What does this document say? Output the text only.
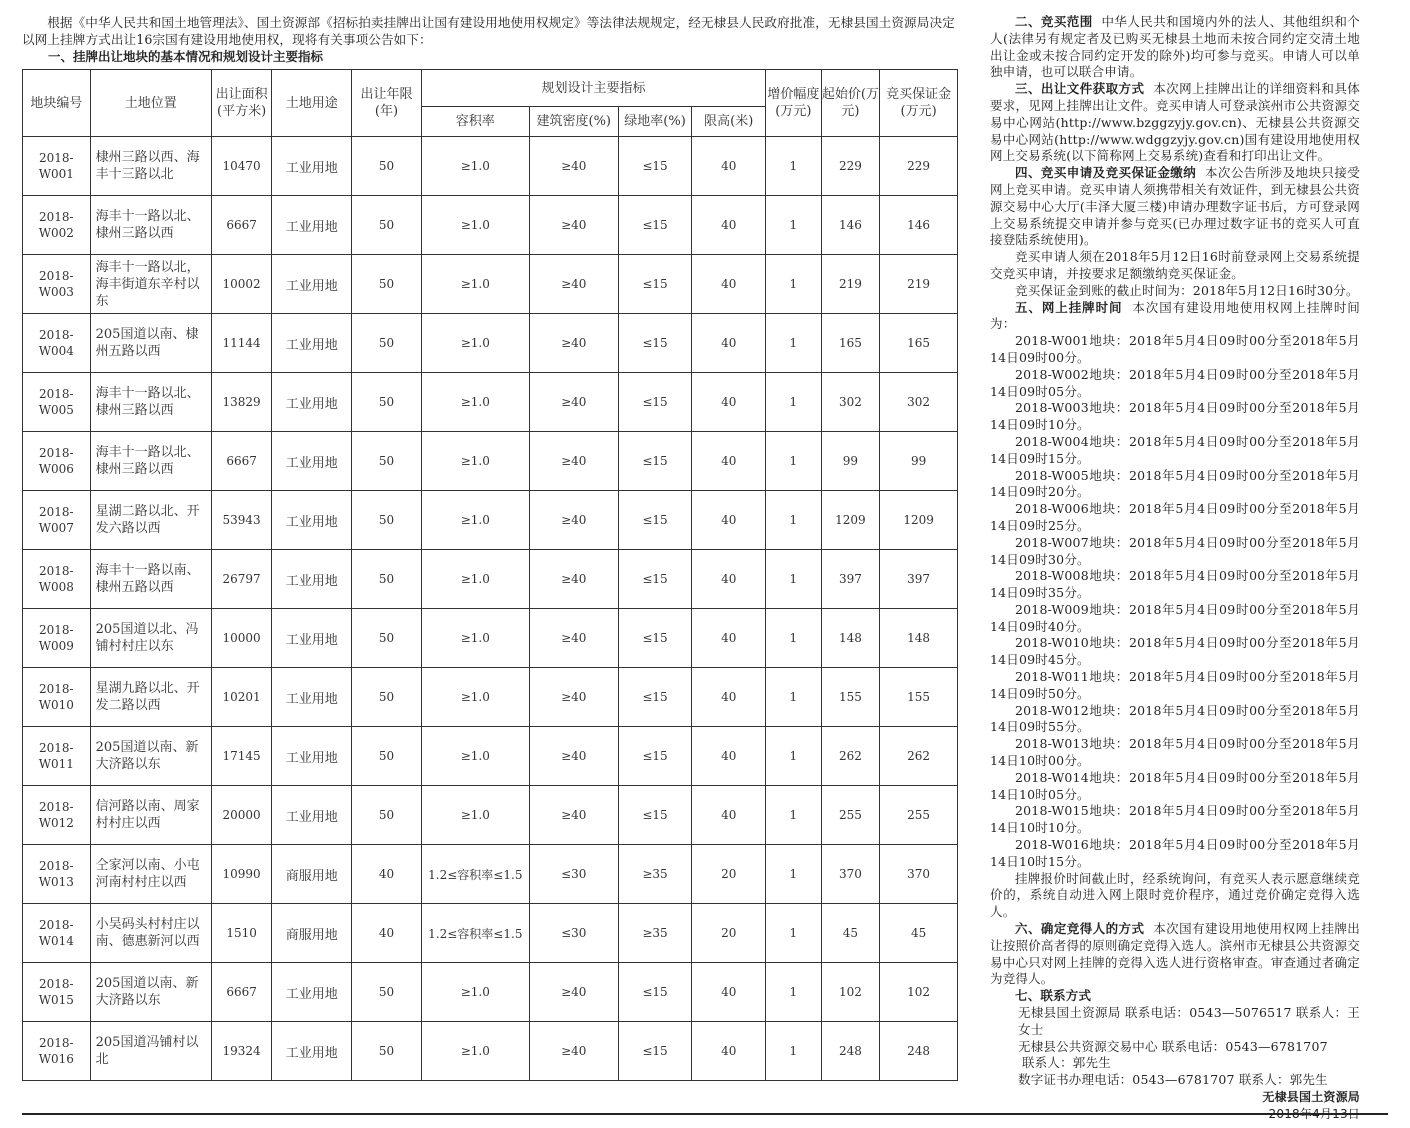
根据《中华人民共和国土地管理法》、国土资源部《招标拍卖挂牌出让国有建设用地使用权规定》等法律法规规定，经无棣县人民政府批准，无棣县国土资源局决定以网上挂牌方式出让16宗国有建设用地使用权，现将有关事项公告如下：

一、挂牌出让地块的基本情况和规划设计主要指标
地块编号	土地位置	出让面积(平方米)	土地用途	出让年限(年)	规划设计主要指标				增价幅度(万元)	起始价(万元)	竞买保证金(万元)
					容积率	建筑密度(%)	绿地率(%)	限高(米)			

2018-
W001	棣州三路以西、海丰十三路以北	10470	工业用地	50	≥1.0	≥40	≤15	40	1	229	229

2018-
W002	海丰十一路以北、棣州三路以西	6667	工业用地	50	≥1.0	≥40	≤15	40	1	146	146

2018-
W003	海丰十一路以北，海丰街道东辛村以东	10002	工业用地	50	≥1.0	≥40	≤15	40	1	219	219

2018-
W004	205国道以南、棣州五路以西	11144	工业用地	50	≥1.0	≥40	≤15	40	1	165	165

2018-
W005	海丰十一路以北、棣州三路以西	13829	工业用地	50	≥1.0	≥40	≤15	40	1	302	302

2018-
W006	海丰十一路以北、棣州三路以西	6667	工业用地	50	≥1.0	≥40	≤15	40	1	99	99

2018-
W007	星湖二路以北、开发六路以西	53943	工业用地	50	≥1.0	≥40	≤15	40	1	1209	1209

2018-
W008	海丰十一路以南、棣州五路以西	26797	工业用地	50	≥1.0	≥40	≤15	40	1	397	397

2018-
W009	205国道以北、冯铺村村庄以东	10000	工业用地	50	≥1.0	≥40	≤15	40	1	148	148

2018-
W010	星湖九路以北、开发二路以西	10201	工业用地	50	≥1.0	≥40	≤15	40	1	155	155

2018-
W011	205国道以南、新大济路以东	17145	工业用地	50	≥1.0	≥40	≤15	40	1	262	262

2018-
W012	信河路以南、周家村村庄以西	20000	工业用地	50	≥1.0	≥40	≤15	40	1	255	255

2018-
W013	仝家河以南、小屯河南村村庄以西	10990	商服用地	40	1.2≤容积率≤1.5	≤30	≥35	20	1	370	370

2018-
W014	小吴码头村村庄以南、德惠新河以西	1510	商服用地	40	1.2≤容积率≤1.5	≤30	≥35	20	1	45	45

2018-
W015	205国道以南、新大济路以东	6667	工业用地	50	≥1.0	≥40	≤15	40	1	102	102

2018-
W016	205国道冯铺村以北	19324	工业用地	50	≥1.0	≥40	≤15	40	1	248	248

二、竞买范围 中华人民共和国境内外的法人、其他组织和个人(法律另有规定者及已购买无棣县土地而未按合同约定交清土地出让金或未按合同约定开发的除外)均可参与竞买。申请人可以单独申请，也可以联合申请。

三、出让文件获取方式 本次网上挂牌出让的详细资料和具体要求，见网上挂牌出让文件。竞买申请人可登录滨州市公共资源交易中心网站(http://www.bzggzyjy.gov.cn)、无棣县公共资源交易中心网站(http://www.wdggzyjy.gov.cn)国有建设用地使用权网上交易系统(以下简称网上交易系统)查看和打印出让文件。

四、竞买申请及竞买保证金缴纳 本次公告所涉及地块只接受网上竞买申请。竞买申请人须携带相关有效证件，到无棣县公共资源交易中心大厅(丰泽大厦三楼)申请办理数字证书后，方可登录网上交易系统提交申请并参与竞买(已办理过数字证书的竞买人可直接登陆系统使用)。

竞买申请人须在2018年5月12日16时前登录网上交易系统提交竞买申请，并按要求足额缴纳竞买保证金。

竞买保证金到账的截止时间为：2018年5月12日16时30分。

五、网上挂牌时间 本次国有建设用地使用权网上挂牌时间为：

2018-W001地块：2018年5月4日09时00分至2018年5月14日09时00分。

2018-W002地块：2018年5月4日09时00分至2018年5月14日09时05分。

2018-W003地块：2018年5月4日09时00分至2018年5月14日09时10分。

2018-W004地块：2018年5月4日09时00分至2018年5月14日09时15分。

2018-W005地块：2018年5月4日09时00分至2018年5月14日09时20分。

2018-W006地块：2018年5月4日09时00分至2018年5月14日09时25分。

2018-W007地块：2018年5月4日09时00分至2018年5月14日09时30分。

2018-W008地块：2018年5月4日09时00分至2018年5月14日09时35分。

2018-W009地块：2018年5月4日09时00分至2018年5月14日09时40分。

2018-W010地块：2018年5月4日09时00分至2018年5月14日09时45分。

2018-W011地块：2018年5月4日09时00分至2018年5月14日09时50分。

2018-W012地块：2018年5月4日09时00分至2018年5月14日09时55分。

2018-W013地块：2018年5月4日09时00分至2018年5月14日10时00分。

2018-W014地块：2018年5月4日09时00分至2018年5月14日10时05分。

2018-W015地块：2018年5月4日09时00分至2018年5月14日10时10分。

2018-W016地块：2018年5月4日09时00分至2018年5月14日10时15分。

挂牌报价时间截止时，经系统询问，有竞买人表示愿意继续竞价的，系统自动进入网上限时竞价程序，通过竞价确定竞得入选人。

六、确定竞得人的方式 本次国有建设用地使用权网上挂牌出让按照价高者得的原则确定竞得入选人。滨州市无棣县公共资源交易中心只对网上挂牌的竞得入选人进行资格审查。审查通过者确定为竞得人。

七、联系方式

无棣县国土资源局 联系电话：0543—5076517 联系人：王女士

无棣县公共资源交易中心 联系电话：0543—6781707

联系人：郭先生

数字证书办理电话：0543—6781707 联系人：郭先生

无棣县国土资源局
